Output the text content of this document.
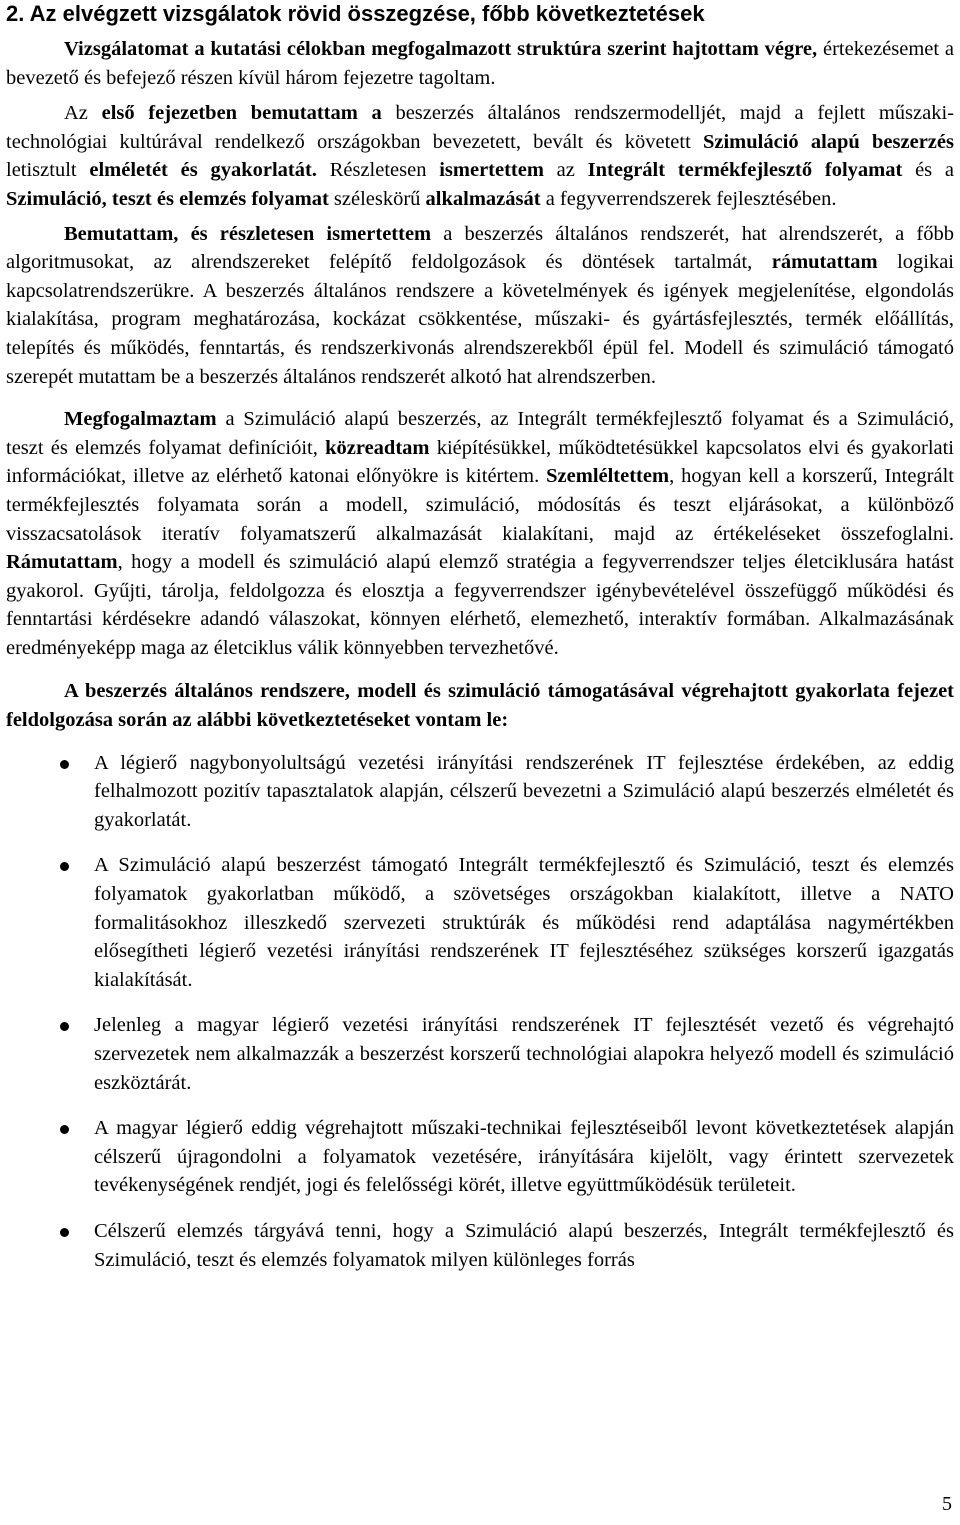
2. Az elvégzett vizsgálatok rövid összegzése, főbb következtetések

Vizsgálatomat a kutatási célokban megfogalmazott struktúra szerint hajtottam végre, értekezésemet a bevezető és befejező részen kívül három fejezetre tagoltam.

Az első fejezetben bemutattam a beszerzés általános rendszermodelljét, majd a fejlett műszaki-technológiai kultúrával rendelkező országokban bevezetett, bevált és követett Szimuláció alapú beszerzés letisztult elméletét és gyakorlatát. Részletesen ismertettem az Integrált termékfejlesztő folyamat és a Szimuláció, teszt és elemzés folyamat széleskörű alkalmazását a fegyverrendszerek fejlesztésében.

Bemutattam, és részletesen ismertettem a beszerzés általános rendszerét, hat alrendszerét, a főbb algoritmusokat, az alrendszereket felépítő feldolgozások és döntések tartalmát, rámutattam logikai kapcsolatrendszerükre. A beszerzés általános rendszere a követelmények és igények megjelenítése, elgondolás kialakítása, program meghatározása, kockázat csökkentése, műszaki- és gyártásfejlesztés, termék előállítás, telepítés és működés, fenntartás, és rendszerkivonás alrendszerekből épül fel. Modell és szimuláció támogató szerepét mutattam be a beszerzés általános rendszerét alkotó hat alrendszerben.

Megfogalmaztam a Szimuláció alapú beszerzés, az Integrált termékfejlesztő folyamat és a Szimuláció, teszt és elemzés folyamat definícióit, közreadtam kiépítésükkel, működtetésükkel kapcsolatos elvi és gyakorlati információkat, illetve az elérhető katonai előnyökre is kitértem. Szemléltettem, hogyan kell a korszerű, Integrált termékfejlesztés folyamata során a modell, szimuláció, módosítás és teszt eljárásokat, a különböző visszacsatolások iteratív folyamatszerű alkalmazását kialakítani, majd az értékeléseket összefoglalni. Rámutattam, hogy a modell és szimuláció alapú elemző stratégia a fegyverrendszer teljes életciklusára hatást gyakorol. Gyűjti, tárolja, feldolgozza és elosztja a fegyverrendszer igénybevételével összefüggő működési és fenntartási kérdésekre adandó válaszokat, könnyen elérhető, elemezhető, interaktív formában. Alkalmazásának eredményeképp maga az életciklus válik könnyebben tervezhetővé.

A beszerzés általános rendszere, modell és szimuláció támogatásával végrehajtott gyakorlata fejezet feldolgozása során az alábbi következtetéseket vontam le:

A légierő nagybonyolultságú vezetési irányítási rendszerének IT fejlesztése érdekében, az eddig felhalmozott pozitív tapasztalatok alapján, célszerű bevezetni a Szimuláció alapú beszerzés elméletét és gyakorlatát.
A Szimuláció alapú beszerzést támogató Integrált termékfejlesztő és Szimuláció, teszt és elemzés folyamatok gyakorlatban működő, a szövetséges országokban kialakított, illetve a NATO formalitásokhoz illeszkedő szervezeti struktúrák és működési rend adaptálása nagymértékben elősegítheti légierő vezetési irányítási rendszerének IT fejlesztéséhez szükséges korszerű igazgatás kialakítását.
Jelenleg a magyar légierő vezetési irányítási rendszerének IT fejlesztését vezető és végrehajtó szervezetek nem alkalmazzák a beszerzést korszerű technológiai alapokra helyező modell és szimuláció eszköztárát.
A magyar légierő eddig végrehajtott műszaki-technikai fejlesztéseiből levont következtetések alapján célszerű újragondolni a folyamatok vezetésére, irányítására kijelölt, vagy érintett szervezetek tevékenységének rendjét, jogi és felelősségi körét, illetve együttműködésük területeit.
Célszerű elemzés tárgyává tenni, hogy a Szimuláció alapú beszerzés, Integrált termékfejlesztő és Szimuláció, teszt és elemzés folyamatok milyen különleges forrás
5
